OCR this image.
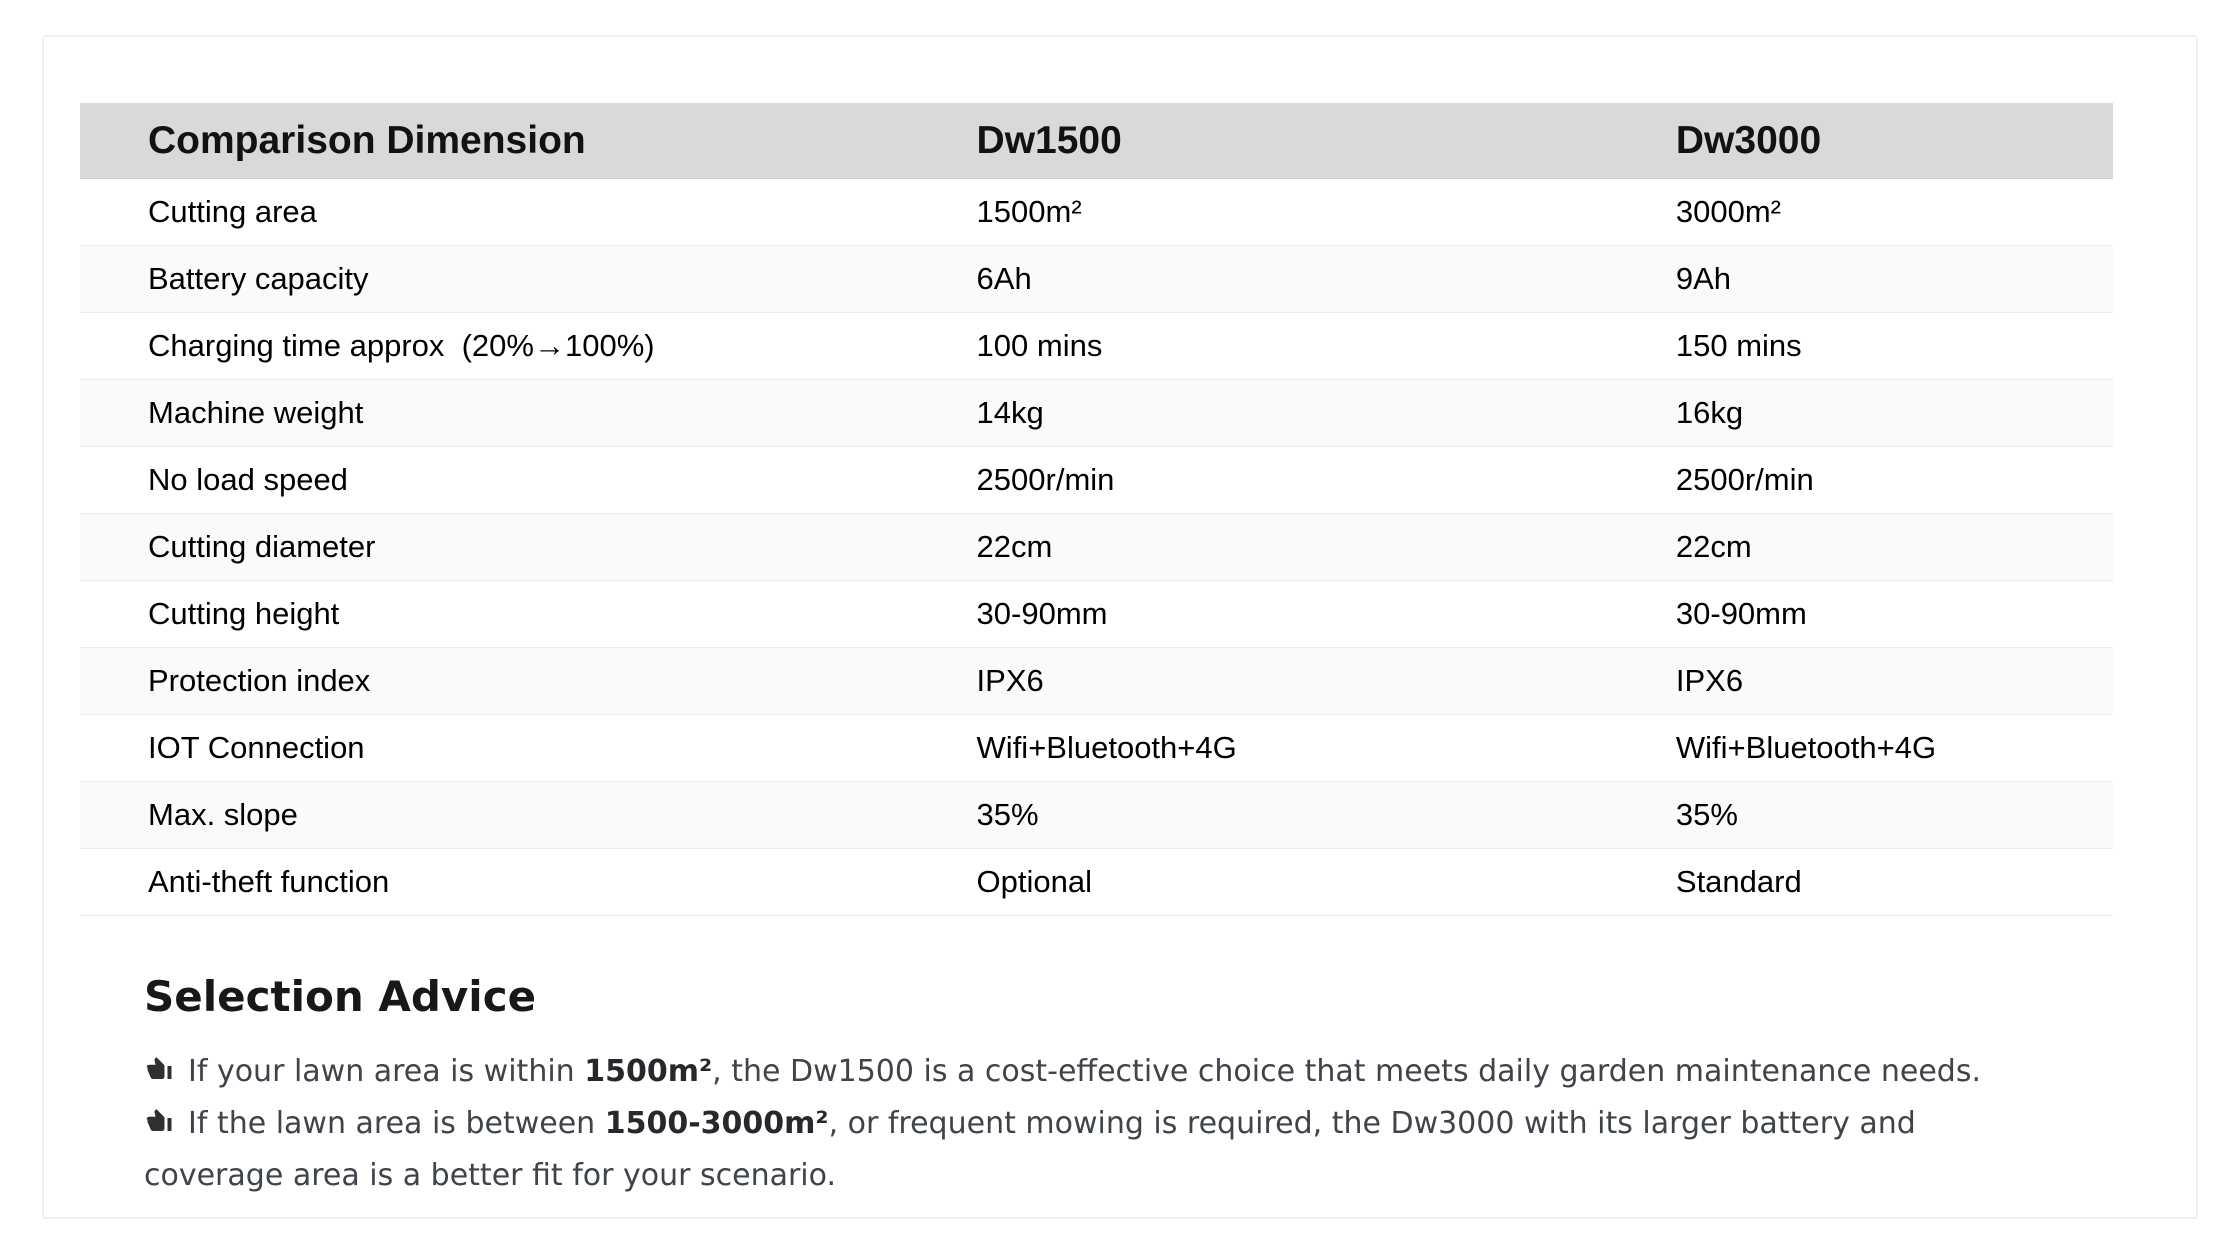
Comparison Dimension	Dw1500	Dw3000
Cutting area	1500m²	3000m²
Battery capacity	6Ah	9Ah
Charging time approx  (20%→100%)	100 mins	150 mins
Machine weight	14kg	16kg
No load speed	2500r/min	2500r/min
Cutting diameter	22cm	22cm
Cutting height	30-90mm	30-90mm
Protection index	IPX6	IPX6
IOT Connection	Wifi+Bluetooth+4G	Wifi+Bluetooth+4G
Max. slope	35%	35%
Anti-theft function	Optional	Standard
Selection Advice

If your lawn area is within 1500m², the Dw1500 is a cost-effective choice that meets daily garden maintenance needs.

If the lawn area is between 1500-3000m², or frequent mowing is required, the Dw3000 with its larger battery and coverage area is a better fit for your scenario.
